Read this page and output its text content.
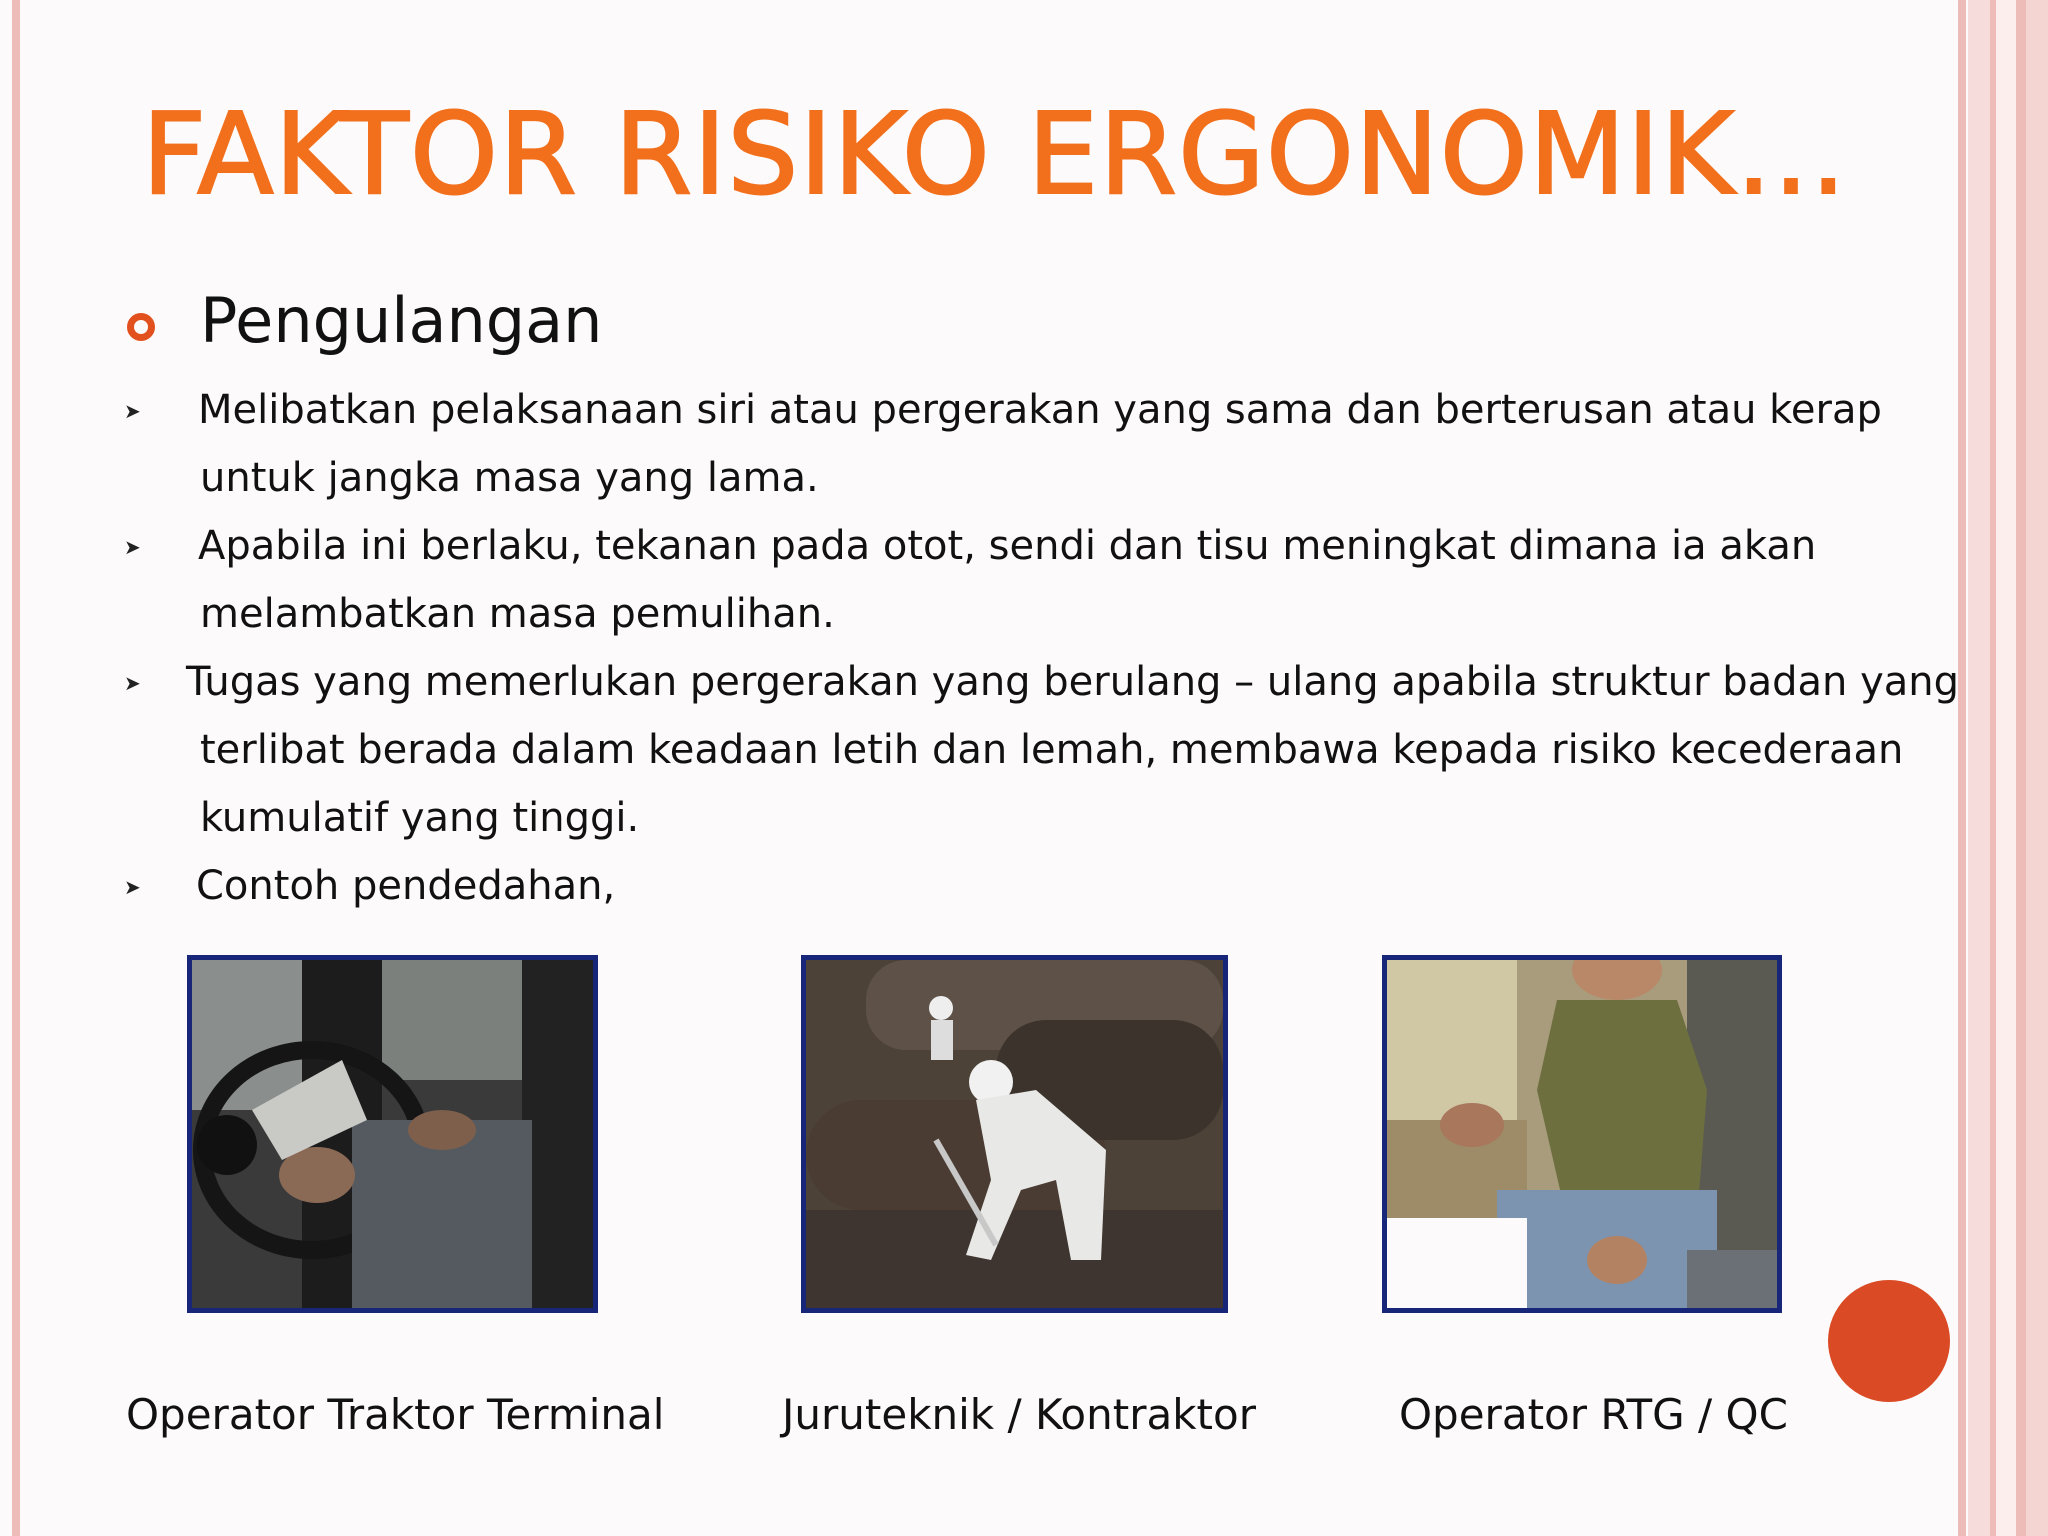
FAKTOR RISIKO ERGONOMIK…
Pengulangan
➤ Melibatkan pelaksanaan siri atau pergerakan yang sama dan berterusan atau kerap
untuk jangka masa yang lama.
➤ Apabila ini berlaku, tekanan pada otot, sendi dan tisu meningkat dimana ia akan
melambatkan masa pemulihan.
➤ Tugas yang memerlukan pergerakan yang berulang – ulang apabila struktur badan yang
terlibat berada dalam keadaan letih dan lemah, membawa kepada risiko kecederaan
kumulatif yang tinggi.
➤ Contoh pendedahan,
Operator Traktor Terminal	Juruteknik / Kontraktor	Operator RTG / QC
